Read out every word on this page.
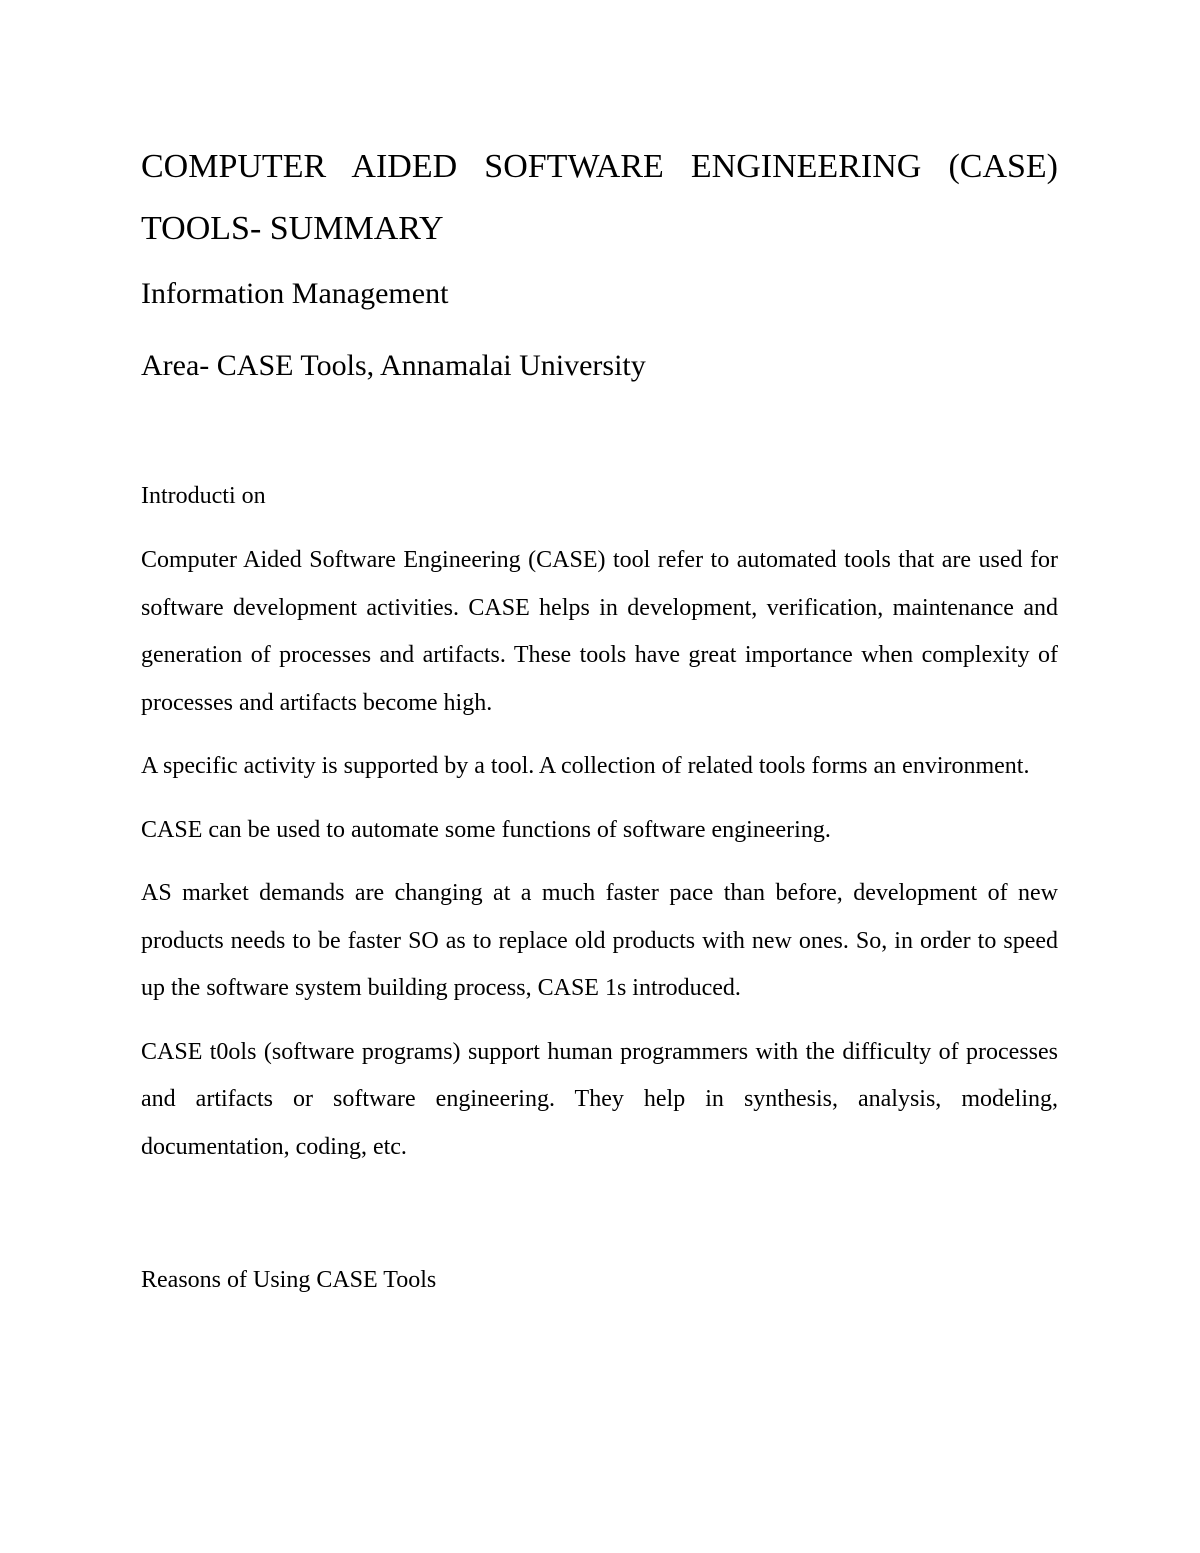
COMPUTER AIDED SOFTWARE ENGINEERING (CASE) TOOLS- SUMMARY

Information Management

Area- CASE Tools, Annamalai University

Introducti on

Computer Aided Software Engineering (CASE) tool refer to automated tools that are used for software development activities. CASE helps in development, verification, maintenance and generation of processes and artifacts. These tools have great importance when complexity of processes and artifacts become high.

A specific activity is supported by a tool. A collection of related tools forms an environment.

CASE can be used to automate some functions of software engineering.

AS market demands are changing at a much faster pace than before, development of new products needs to be faster SO as to replace old products with new ones. So, in order to speed up the software system building process, CASE 1s introduced.

CASE t0ols (software programs) support human programmers with the difficulty of processes and artifacts or software engineering. They help in synthesis, analysis, modeling, documentation, coding, etc.

Reasons of Using CASE Tools
